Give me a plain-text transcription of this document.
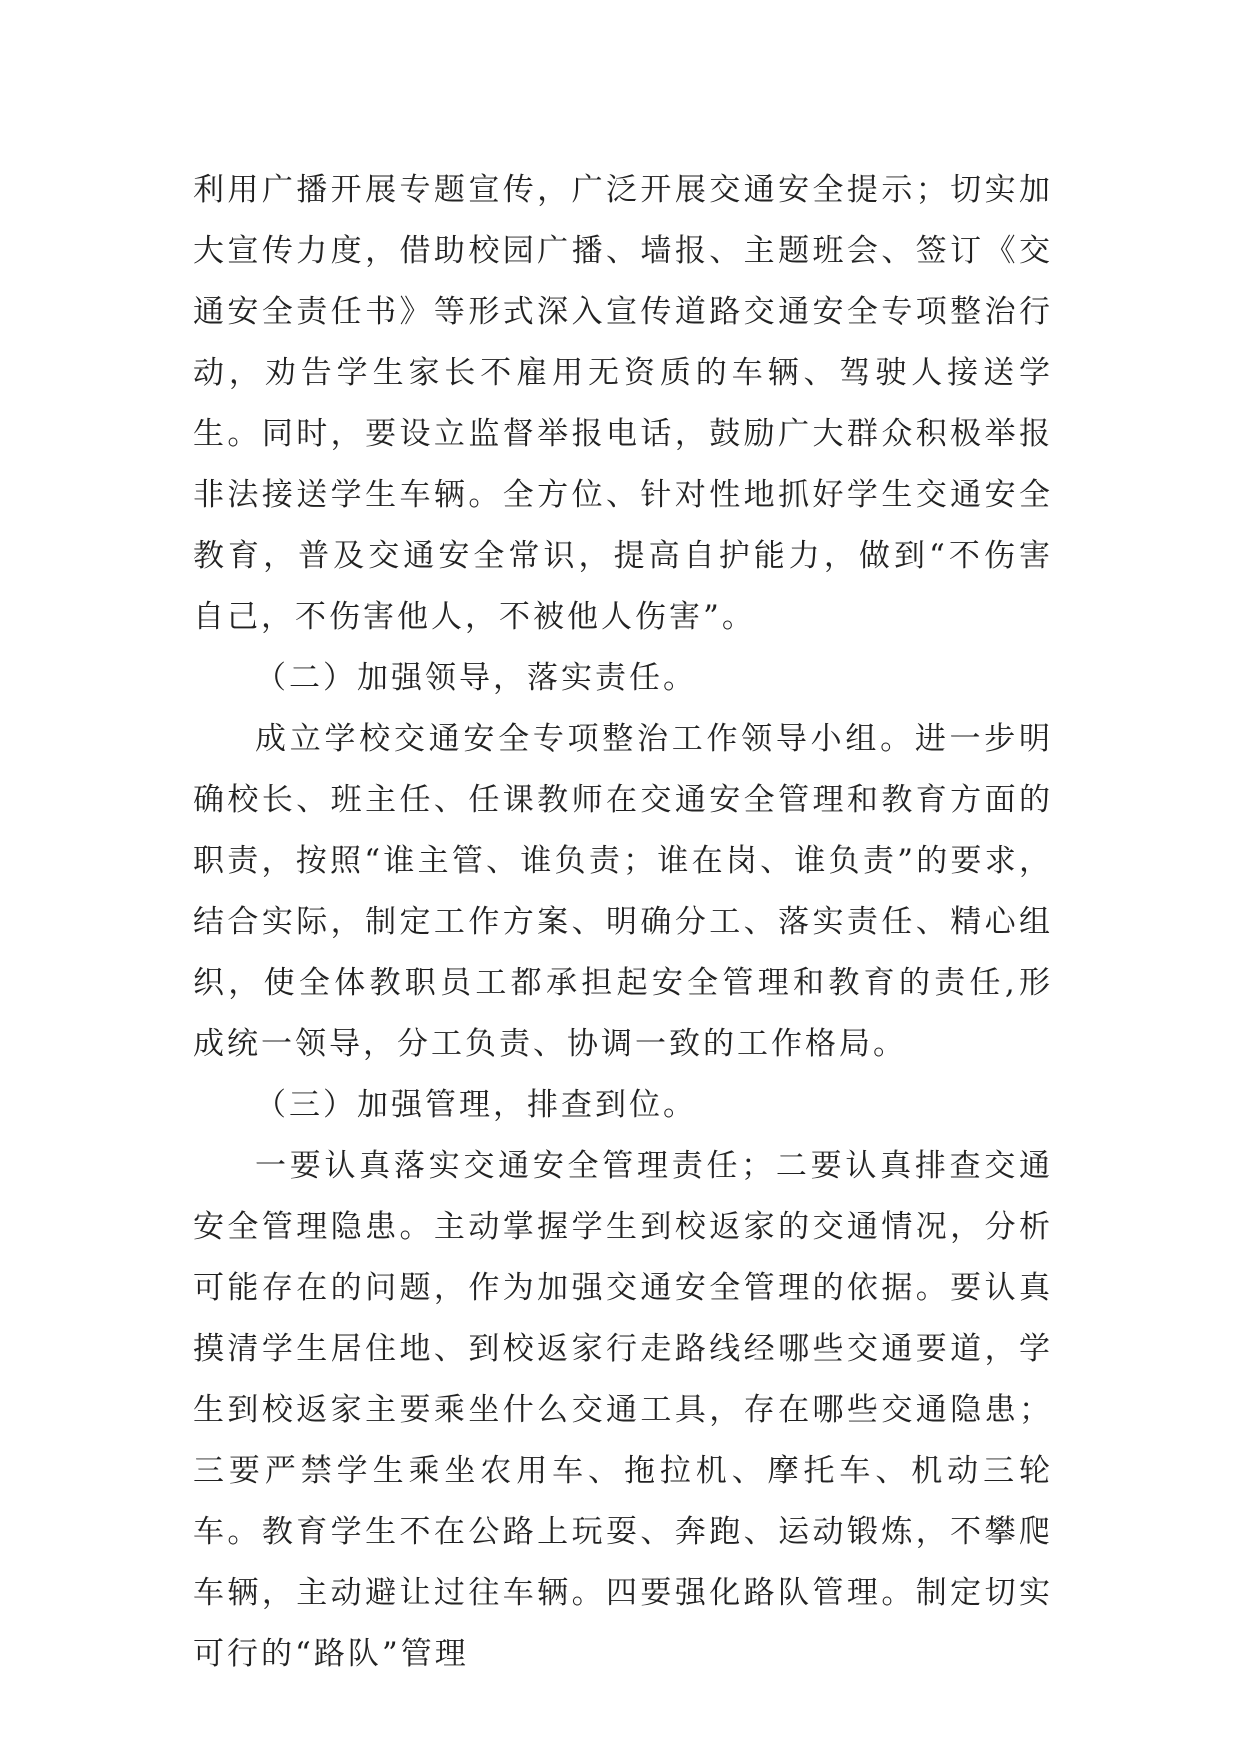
利用广播开展专题宣传，广泛开展交通安全提示；切实加大宣传力度，借助校园广播、墙报、主题班会、签订《交通安全责任书》等形式深入宣传道路交通安全专项整治行动，劝告学生家长不雇用无资质的车辆、驾驶人接送学生。同时，要设立监督举报电话，鼓励广大群众积极举报非法接送学生车辆。全方位、针对性地抓好学生交通安全教育，普及交通安全常识，提高自护能力，做到“不伤害自己，不伤害他人，不被他人伤害”。

（二）加强领导，落实责任。

成立学校交通安全专项整治工作领导小组。进一步明确校长、班主任、任课教师在交通安全管理和教育方面的职责，按照“谁主管、谁负责；谁在岗、谁负责”的要求，结合实际，制定工作方案、明确分工、落实责任、精心组织，使全体教职员工都承担起安全管理和教育的责任,形成统一领导，分工负责、协调一致的工作格局。

（三）加强管理，排查到位。

一要认真落实交通安全管理责任；二要认真排查交通安全管理隐患。主动掌握学生到校返家的交通情况，分析可能存在的问题，作为加强交通安全管理的依据。要认真摸清学生居住地、到校返家行走路线经哪些交通要道，学生到校返家主要乘坐什么交通工具，存在哪些交通隐患；三要严禁学生乘坐农用车、拖拉机、摩托车、机动三轮车。教育学生不在公路上玩耍、奔跑、运动锻炼，不攀爬车辆，主动避让过往车辆。四要强化路队管理。制定切实可行的“路队”管理
